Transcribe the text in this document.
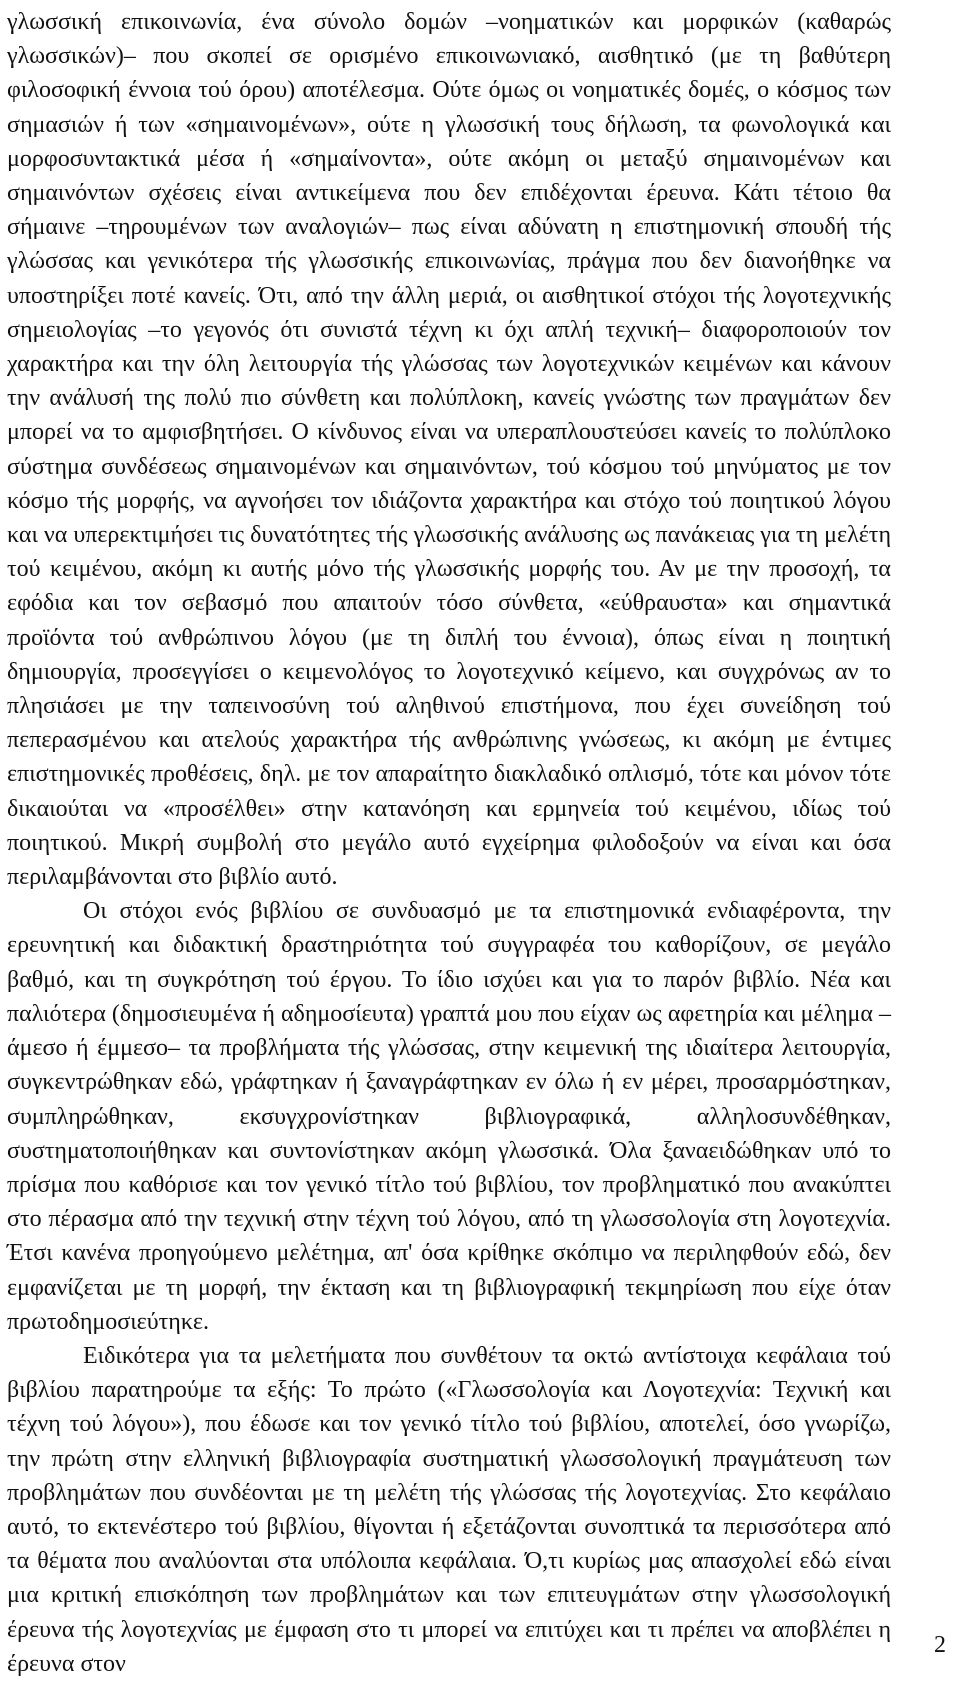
γλωσσική επικοινωνία, ένα σύνολο δομών –νοηματικών και μορφικών (καθαρώς γλωσσικών)– που σκοπεί σε ορισμένο επικοινωνιακό, αισθητικό (με τη βαθύτερη φιλοσοφική έννοια τού όρου) αποτέλεσμα. Ούτε όμως οι νοηματικές δομές, ο κόσμος των σημασιών ή των «σημαινομένων», ούτε η γλωσσική τους δήλωση, τα φωνολογικά και μορφοσυντακτικά μέσα ή «σημαίνοντα», ούτε ακόμη οι μεταξύ σημαινομένων και σημαινόντων σχέσεις είναι αντικείμενα που δεν επιδέχονται έρευνα. Κάτι τέτοιο θα σήμαινε –τηρουμένων των αναλογιών– πως είναι αδύνατη η επιστημονική σπουδή τής γλώσσας και γενικότερα τής γλωσσικής επικοινωνίας, πράγμα που δεν διανοήθηκε να υποστηρίξει ποτέ κανείς. Ότι, από την άλλη μεριά, οι αισθητικοί στόχοι τής λογοτεχνικής σημειολογίας –το γεγονός ότι συνιστά τέχνη κι όχι απλή τεχνική– διαφοροποιούν τον χαρακτήρα και την όλη λειτουργία τής γλώσσας των λογοτεχνικών κειμένων και κάνουν την ανάλυσή της πολύ πιο σύνθετη και πολύπλοκη, κανείς γνώστης των πραγμάτων δεν μπορεί να το αμφισβητήσει. Ο κίνδυνος είναι να υπεραπλουστεύσει κανείς το πολύπλοκο σύστημα συνδέσεως σημαινομένων και σημαινόντων, τού κόσμου τού μηνύματος με τον κόσμο τής μορφής, να αγνοήσει τον ιδιάζοντα χαρακτήρα και στόχο τού ποιητικού λόγου και να υπερεκτιμήσει τις δυνατότητες τής γλωσσικής ανάλυσης ως πανάκειας για τη μελέτη τού κειμένου, ακόμη κι αυτής μόνο τής γλωσσικής μορφής του. Αν με την προσοχή, τα εφόδια και τον σεβασμό που απαιτούν τόσο σύνθετα, «εύθραυστα» και σημαντικά προϊόντα τού ανθρώπινου λόγου (με τη διπλή του έννοια), όπως είναι η ποιητική δημιουργία, προσεγγίσει ο κειμενολόγος το λογοτεχνικό κείμενο, και συγχρόνως αν το πλησιάσει με την ταπεινοσύνη τού αληθινού επιστήμονα, που έχει συνείδηση τού πεπερασμένου και ατελούς χαρακτήρα τής ανθρώπινης γνώσεως, κι ακόμη με έντιμες επιστημονικές προθέσεις, δηλ. με τον απαραίτητο διακλαδικό οπλισμό, τότε και μόνον τότε δικαιούται να «προσέλθει» στην κατανόηση και ερμηνεία τού κειμένου, ιδίως τού ποιητικού. Μικρή συμβολή στο μεγάλο αυτό εγχείρημα φιλοδοξούν να είναι και όσα περιλαμβάνονται στο βιβλίο αυτό.

Οι στόχοι ενός βιβλίου σε συνδυασμό με τα επιστημονικά ενδιαφέροντα, την ερευνητική και διδακτική δραστηριότητα τού συγγραφέα του καθορίζουν, σε μεγάλο βαθμό, και τη συγκρότηση τού έργου. Το ίδιο ισχύει και για το παρόν βιβλίο. Νέα και παλιότερα (δημοσιευμένα ή αδημοσίευτα) γραπτά μου που είχαν ως αφετηρία και μέλημα –άμεσο ή έμμεσο– τα προβλήματα τής γλώσσας, στην κειμενική της ιδιαίτερα λειτουργία, συγκεντρώθηκαν εδώ, γράφτηκαν ή ξαναγράφτηκαν εν όλω ή εν μέρει, προσαρμόστηκαν, συμπληρώθηκαν, εκσυγχρονίστηκαν βιβλιογραφικά, αλληλοσυνδέθηκαν, συστηματοποιήθηκαν και συντονίστηκαν ακόμη γλωσσικά. Όλα ξαναειδώθηκαν υπό το πρίσμα που καθόρισε και τον γενικό τίτλο τού βιβλίου, τον προβληματικό που ανακύπτει στο πέρασμα από την τεχνική στην τέχνη τού λόγου, από τη γλωσσολογία στη λογοτεχνία. Έτσι κανένα προηγούμενο μελέτημα, απ' όσα κρίθηκε σκόπιμο να περιληφθούν εδώ, δεν εμφανίζεται με τη μορφή, την έκταση και τη βιβλιογραφική τεκμηρίωση που είχε όταν πρωτοδημοσιεύτηκε.

Ειδικότερα για τα μελετήματα που συνθέτουν τα οκτώ αντίστοιχα κεφάλαια τού βιβλίου παρατηρούμε τα εξής: Το πρώτο («Γλωσσολογία και Λογοτεχνία: Τεχνική και τέχνη τού λόγου»), που έδωσε και τον γενικό τίτλο τού βιβλίου, αποτελεί, όσο γνωρίζω, την πρώτη στην ελληνική βιβλιογραφία συστηματική γλωσσολογική πραγμάτευση των προβλημάτων που συνδέονται με τη μελέτη τής γλώσσας τής λογοτεχνίας. Στο κεφάλαιο αυτό, το εκτενέστερο τού βιβλίου, θίγονται ή εξετάζονται συνοπτικά τα περισσότερα από τα θέματα που αναλύονται στα υπόλοιπα κεφάλαια. Ό,τι κυρίως μας απασχολεί εδώ είναι μια κριτική επισκόπηση των προβλημάτων και των επιτευγμάτων στην γλωσσολογική έρευνα τής λογοτεχνίας με έμφαση στο τι μπορεί να επιτύχει και τι πρέπει να αποβλέπει η έρευνα στον

2
